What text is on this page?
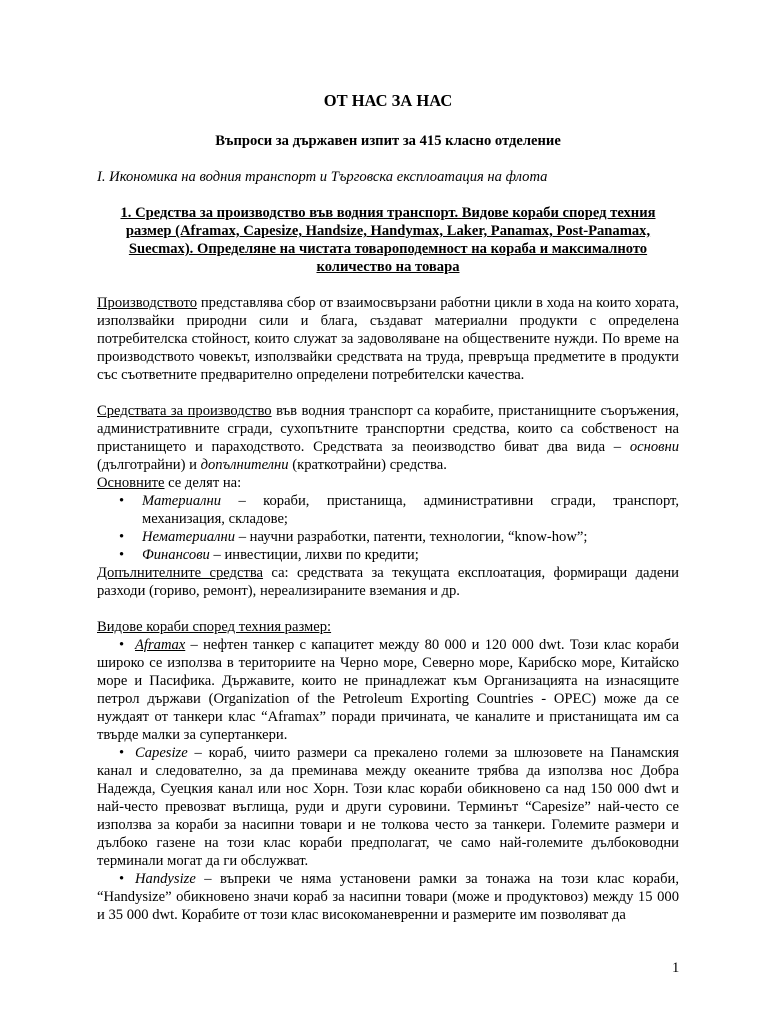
ОТ НАС ЗА НАС

Въпроси за държавен изпит за 415 класно отделение
I. Икономика на водния транспорт и Търговска експлоатация на флота
1. Средства за производство във водния транспорт. Видове кораби според техния размер (Aframax, Capesize, Handsize, Handymax, Laker, Panamax, Post-Panamax, Suecmax). Определяне на чистата товароподемност на кораба и максималното количество на товара
Производството представлява сбор от взаимосвързани работни цикли в хода на които хората, използвайки природни сили и блага, създават материални продукти с определена потребителска стойност, които служат за задоволяване на обществените нужди. По време на производството човекът, използвайки средствата на труда, превръща предметите в продукти със съответните предварително определени потребителски качества.
Средствата за производство във водния транспорт са корабите, пристанищните съоръжения, административните сгради, сухопътните транспортни средства, които са собственост на пристанището и параходството. Средствата за пеоизводство биват два вида – основни (дълготрайни) и допълнителни (краткотрайни) средства.
Основните се делят на:
• Материални – кораби, пристанища, административни сгради, транспорт, механизация, складове;
• Нематериални – научни разработки, патенти, технологии, “know-how”;
• Финансови – инвестиции, лихви по кредити;
Допълнителните средства са: средствата за текущата експлоатация, формиращи дадени разходи (гориво, ремонт), нереализираните вземания и др.
Видове кораби според техния размер:
• Aframax – нефтен танкер с капацитет между 80 000 и 120 000 dwt. Този клас кораби широко се използва в териториите на Черно море, Северно море, Карибско море, Китайско море и Пасифика. Държавите, които не принадлежат към Организацията на изнасящите петрол държави (Organization of the Petroleum Exporting Countries - OPEC) може да се нуждаят от танкери клас “Aframax” поради причината, че каналите и пристанищата им са твърде малки за супертанкери.
• Capesize – кораб, чиито размери са прекалено големи за шлюзовете на Панамския канал и следователно, за да преминава между океаните трябва да използва нос Добра Надежда, Суецкия канал или нос Хорн. Този клас кораби обикновено са над 150 000 dwt и най-често превозват въглища, руди и други суровини. Терминът “Capesize” най-често се използва за кораби за насипни товари и не толкова често за танкери. Големите размери и дълбоко газене на този клас кораби предполагат, че само най-големите дълбоководни терминали могат да ги обслужват.
• Handysize – въпреки че няма установени рамки за тонажа на този клас кораби, “Handysize” обикновено значи кораб за насипни товари (може и продуктовоз) между 15 000 и 35 000 dwt. Корабите от този клас високоманевренни и размерите им позволяват да
1
